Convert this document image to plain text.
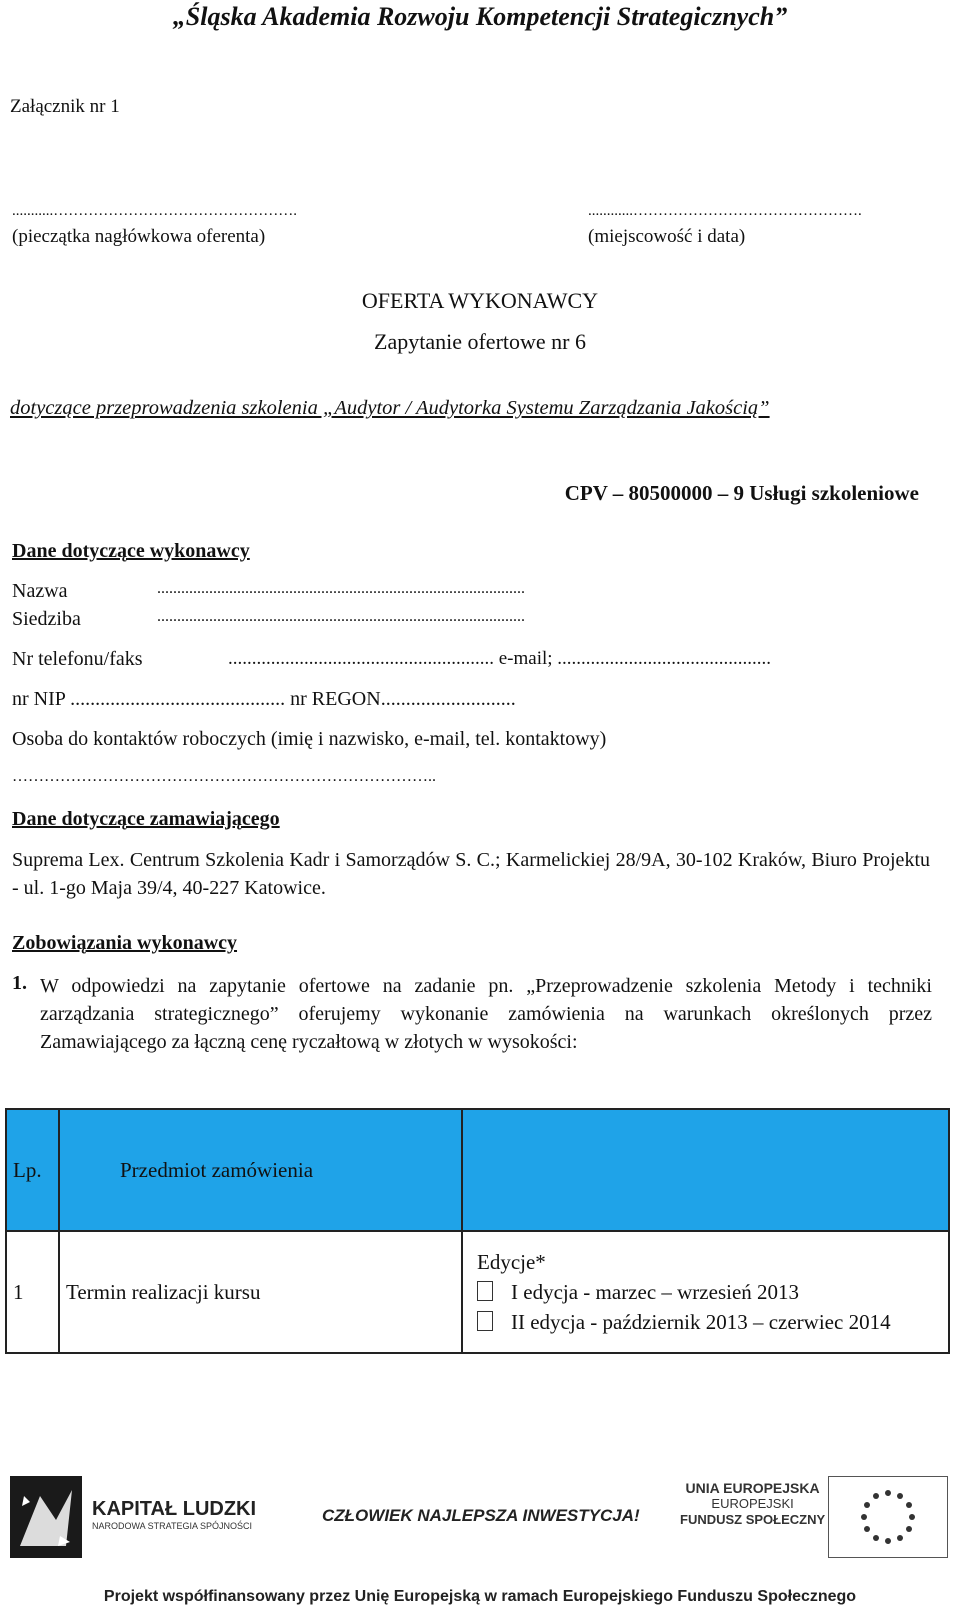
„Śląska Akademia Rozwoju Kompetencji Strategicznych”
Załącznik nr 1
...........………………………………………….
(pieczątka nagłówkowa oferenta)
............……………………………………….
(miejscowość i data)
OFERTA WYKONAWCY
Zapytanie ofertowe nr 6
dotyczące przeprowadzenia szkolenia „Audytor / Audytorka Systemu Zarządzania Jakością”
CPV – 80500000 – 9 Usługi szkoleniowe
Dane dotyczące wykonawcy
Nazwa	............................................................................................
Siedziba	............................................................................................
Nr telefonu/faks	........................................................ e-mail; .............................................
nr NIP ........................................... nr REGON...........................
Osoba do kontaktów roboczych (imię i nazwisko, e-mail, tel. kontaktowy)
……………………………………………………………………..
Dane dotyczące zamawiającego
Suprema Lex. Centrum Szkolenia Kadr i Samorządów S. C.; Karmelickiej 28/9A, 30-102 Kraków, Biuro Projektu - ul. 1-go Maja 39/4, 40-227 Katowice.
Zobowiązania wykonawcy
1. W odpowiedzi na zapytanie ofertowe na zadanie pn. „Przeprowadzenie szkolenia Metody i techniki zarządzania strategicznego” oferujemy wykonanie zamówienia na warunkach określonych przez Zamawiającego za łączną cenę ryczałtową w złotych w wysokości:
Lp.	Przedmiot zamówienia	
1	Termin realizacji kursu	Edycje*
I edycja - marzec – wrzesień 2013
II edycja - październik 2013 – czerwiec 2014
KAPITAŁ LUDZKI
NARODOWA STRATEGIA SPÓJNOŚCI
CZŁOWIEK NAJLEPSZA INWESTYCJA!
UNIA EUROPEJSKA
EUROPEJSKI
FUNDUSZ SPOŁECZNY
Projekt współfinansowany przez Unię Europejską w ramach Europejskiego Funduszu Społecznego
